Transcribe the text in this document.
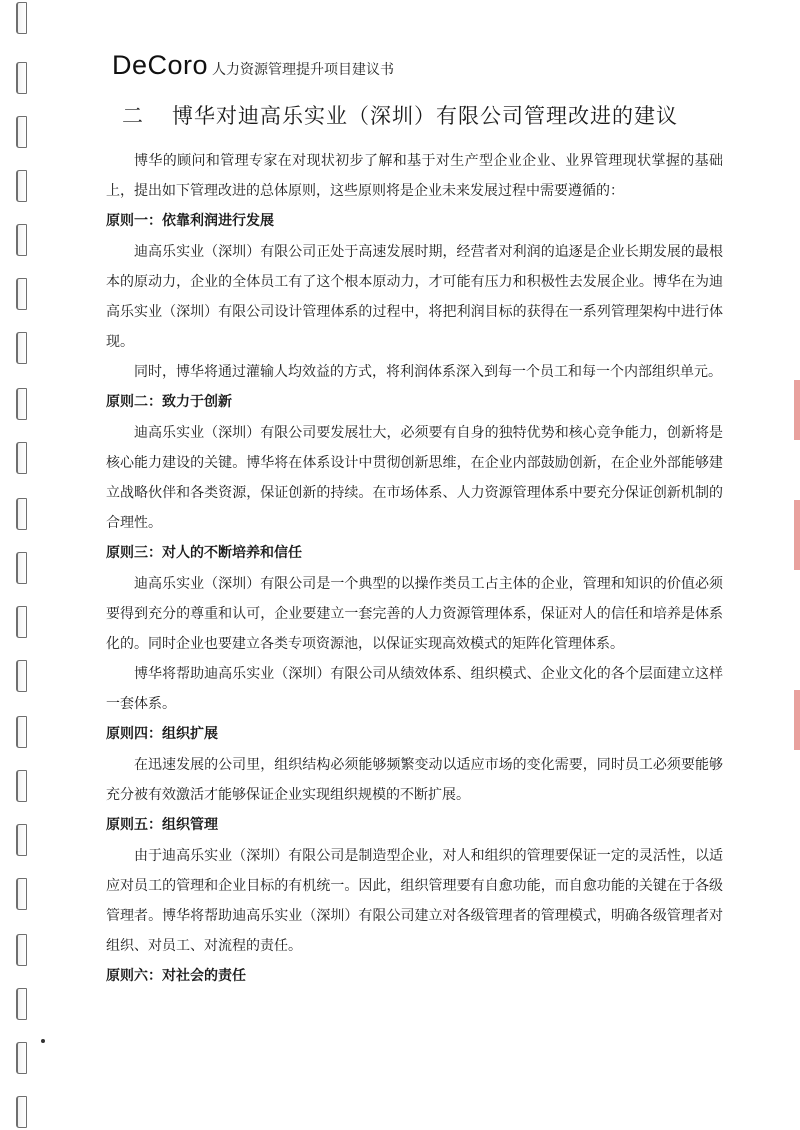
DeCoro 人力资源管理提升项目建议书
二 博华对迪高乐实业（深圳）有限公司管理改进的建议

博华的顾问和管理专家在对现状初步了解和基于对生产型企业企业、业界管理现状掌握的基础上，提出如下管理改进的总体原则，这些原则将是企业未来发展过程中需要遵循的：

原则一：依靠利润进行发展

迪高乐实业（深圳）有限公司正处于高速发展时期，经营者对利润的追逐是企业长期发展的最根本的原动力，企业的全体员工有了这个根本原动力，才可能有压力和积极性去发展企业。博华在为迪高乐实业（深圳）有限公司设计管理体系的过程中，将把利润目标的获得在一系列管理架构中进行体现。

同时，博华将通过灌输人均效益的方式，将利润体系深入到每一个员工和每一个内部组织单元。

原则二：致力于创新

迪高乐实业（深圳）有限公司要发展壮大，必须要有自身的独特优势和核心竞争能力，创新将是核心能力建设的关键。博华将在体系设计中贯彻创新思维，在企业内部鼓励创新，在企业外部能够建立战略伙伴和各类资源，保证创新的持续。在市场体系、人力资源管理体系中要充分保证创新机制的合理性。

原则三：对人的不断培养和信任

迪高乐实业（深圳）有限公司是一个典型的以操作类员工占主体的企业，管理和知识的价值必须要得到充分的尊重和认可，企业要建立一套完善的人力资源管理体系，保证对人的信任和培养是体系化的。同时企业也要建立各类专项资源池，以保证实现高效模式的矩阵化管理体系。

博华将帮助迪高乐实业（深圳）有限公司从绩效体系、组织模式、企业文化的各个层面建立这样一套体系。

原则四：组织扩展

在迅速发展的公司里，组织结构必须能够频繁变动以适应市场的变化需要，同时员工必须要能够充分被有效激活才能够保证企业实现组织规模的不断扩展。

原则五：组织管理

由于迪高乐实业（深圳）有限公司是制造型企业，对人和组织的管理要保证一定的灵活性，以适应对员工的管理和企业目标的有机统一。因此，组织管理要有自愈功能，而自愈功能的关键在于各级管理者。博华将帮助迪高乐实业（深圳）有限公司建立对各级管理者的管理模式，明确各级管理者对组织、对员工、对流程的责任。

原则六：对社会的责任
